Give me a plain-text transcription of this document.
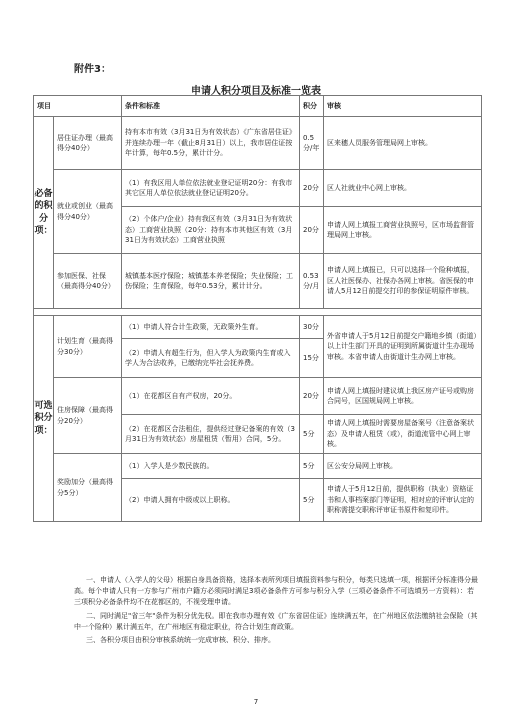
附件3：
申请人积分项目及标准一览表
项目		条件和标准	积分	审核
必备的积分项：	居住证办理（最高得分40分）	持有本市有效（3月31日为有效状态）《广东省居住证》并连续办理一年（截止8月31日）以上，我市居住证按年计算，每年0.5分，累计计分。	0.5分/年	区来穗人员服务管理局网上审核。
	就业或创业（最高得分40分）	（1）有我区用人单位依法就业登记证明20分：有我市其它区用人单位依法就业登记证明20分。	20分	区人社就业中心网上审核。
		（2）个体户/企业）持有我区有效（3月31日为有效状态）工商营业执照（20分：持有本市其他区有效（3月31日为有效状态）工商营业执照	20分	申请人网上填报工商营业执照号，区市场监督管理局网上审核。
	参加医保、社保（最高得分40分）	城镇基本医疗保险；城镇基本养老保险；失业保险；工伤保险；生育保险，每年0.53分，累计计分。	0.53分/月	申请人网上填报已，只可以选择一个险种填报，区人社医保办、社保办各网上审核。省医保的申请人5月12日前提交打印的参保证明原件审核。

可选积分项：	计划生育（最高得分30分）	（1）申请人符合计生政策，无政策外生育。	30分	外省申请人于5月12日前提交户籍地乡镇（街道）以上计生部门开具的证明到所属街道计生办现场审核。本省申请人由街道计生办网上审核。
		（2）申请人有超生行为，但入学人为政策内生育或入学人为合法收养，已缴纳完毕社会抚养费。	15分	
	住房保障（最高得分20分）	（1）在花都区自有产权房，20分。	20分	申请人网上填报时建议填上我区房产证号或购房合同号，区国规局网上审核。
		（2）在花都区合法租住，提供经过登记备案的有效（3月31日为有效状态）房屋租赁（暂用）合同，5分。	5分	申请人网上填报时需要房屋备案号（注意备案状态）及申请人租赁（或），街道流管中心网上审核。
	奖励加分（最高得分5分）	（1）入学人是少数民族的。	5分	区公安分局网上审核。
		（2）申请人拥有中级或以上职称。	5分	申请人于5月12日前，提供职称（执业）资格证书和人事档案部门等证明，相对应的评审认定的职称需提交职称评审证书原件和复印件。

一、申请人（入学人的父母）根据自身具备资格，选择本表所列项目填报资料参与积分，每类只选填一项，根据评分标准得分最高。每个申请人只有一方参与广州市户籍方必须同时满足3项必备条件方可参与积分入学（三项必备条件不可选填另一方资料）：若三项积分必备条件均不在花都区的，不视受理申请。

二、同时满足"省三年"条件为积分优先权。即在我市办理有效《广东省居住证》连续满五年，在广州地区依法缴纳社会保险（其中一个险种）累计满五年，在广州地区有稳定职业，符合计划生育政策。

三、各积分项目由积分审核系统统一完成审核、积分、排序。

7
